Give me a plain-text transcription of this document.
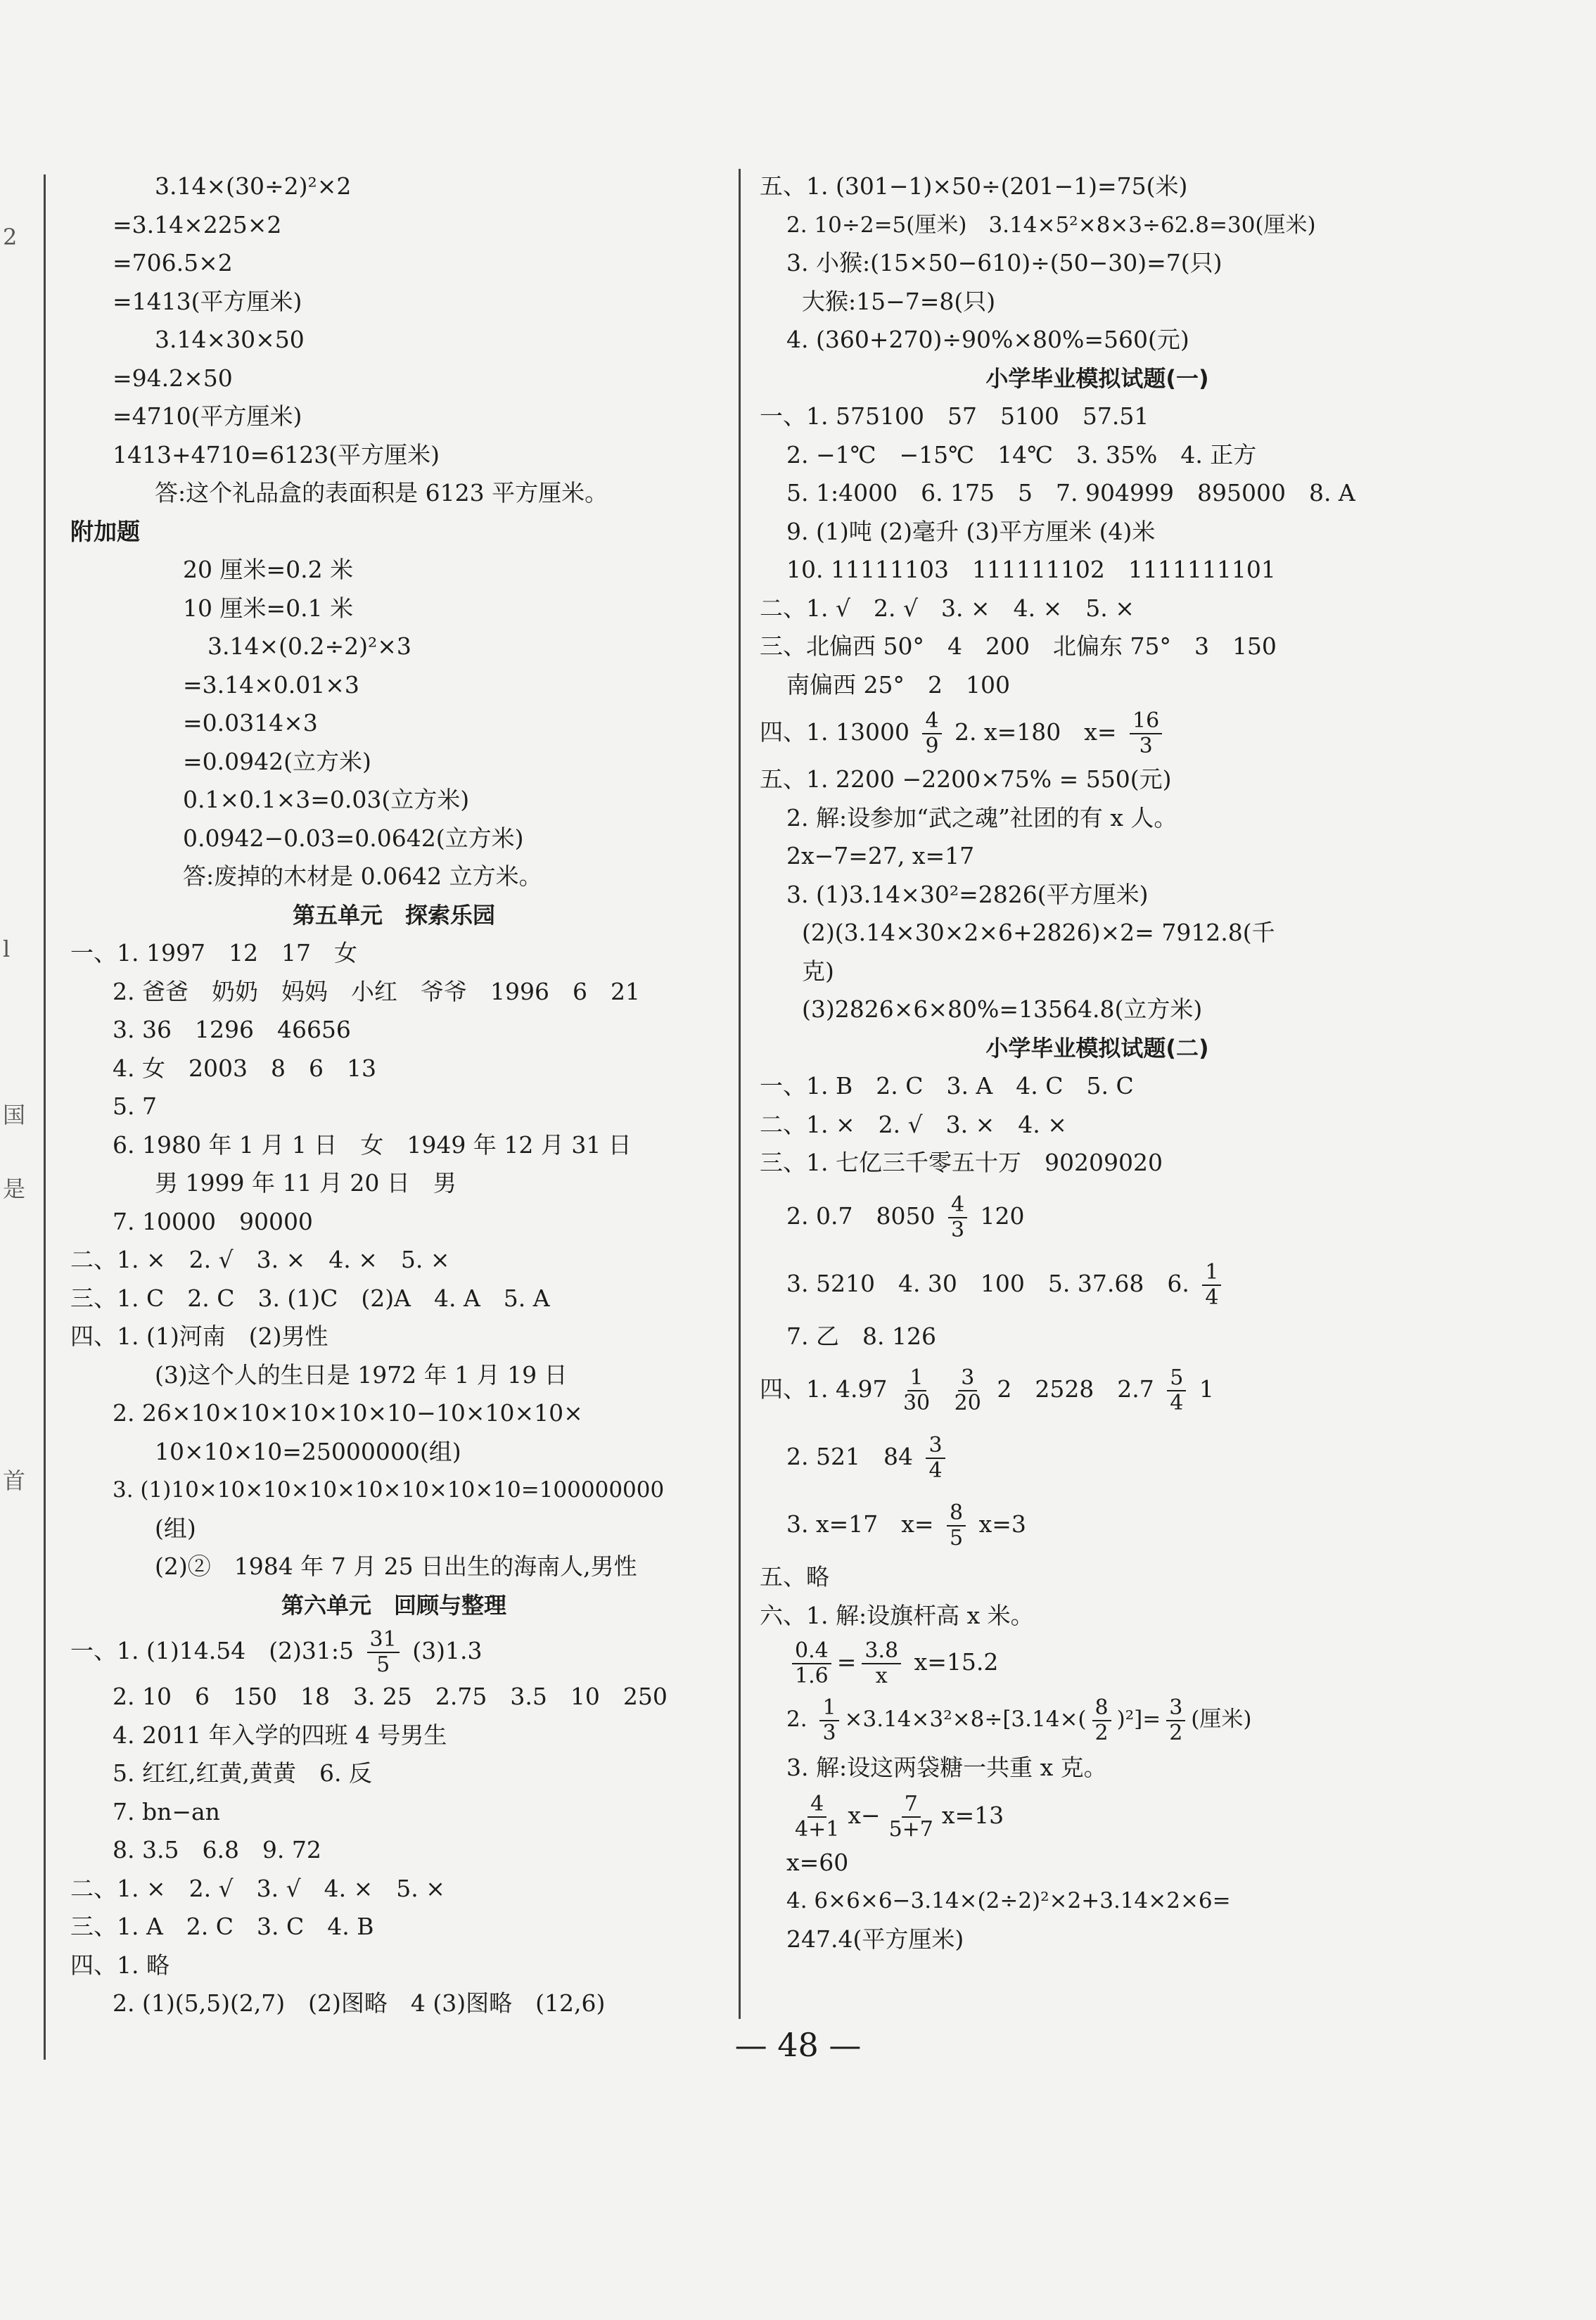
2
l
国
是
首
3.14×(30÷2)²×2
=3.14×225×2
=706.5×2
=1413(平方厘米)
3.14×30×50
=94.2×50
=4710(平方厘米)
1413+4710=6123(平方厘米)
答:这个礼品盒的表面积是 6123 平方厘米。
附加题
20 厘米=0.2 米
10 厘米=0.1 米
3.14×(0.2÷2)²×3
=3.14×0.01×3
=0.0314×3
=0.0942(立方米)
0.1×0.1×3=0.03(立方米)
0.0942−0.03=0.0642(立方米)
答:废掉的木材是 0.0642 立方米。
第五单元　探索乐园
一、1. 1997　12　17　女
2. 爸爸　奶奶　妈妈　小红　爷爷　1996　6　21
3. 36　1296　46656
4. 女　2003　8　6　13
5. 7
6. 1980 年 1 月 1 日　女　1949 年 12 月 31 日
男 1999 年 11 月 20 日　男
7. 10000　90000
二、1. ×　2. √　3. ×　4. ×　5. ×
三、1. C　2. C　3. (1)C　(2)A　4. A　5. A
四、1. (1)河南　(2)男性
(3)这个人的生日是 1972 年 1 月 19 日
2. 26×10×10×10×10×10−10×10×10×
10×10×10=25000000(组)
3. (1)10×10×10×10×10×10×10×10=100000000
(组)
(2)②　1984 年 7 月 25 日出生的海南人,男性
第六单元　回顾与整理
一、1. (1)14.54　(2)31:5 $\frac{31}{5} (3)1.3$
2. 10　6　150　18　3. 25　2.75　3.5　10　250
4. 2011 年入学的四班 4 号男生
5. 红红,红黄,黄黄　6. 反
7. bn−an
8. 3.5　6.8　9. 72
二、1. ×　2. √　3. √　4. ×　5. ×
三、1. A　2. C　3. C　4. B
四、1. 略
2. (1)(5,5)(2,7)　(2)图略　4 (3)图略　(12,6)
五、1. (301−1)×50÷(201−1)=75(米)
2. 10÷2=5(厘米)　3.14×5²×8×3÷62.8=30(厘米)
3. 小猴:(15×50−610)÷(50−30)=7(只)
大猴:15−7=8(只)
4. (360+270)÷90%×80%=560(元)
小学毕业模拟试题(一)
一、1. 575100　57　5100　57.51
2. −1℃　−15℃　14℃　3. 35%　4. 正方
5. 1:4000　6. 175　5　7. 904999　895000　8. A
9. (1)吨 (2)毫升 (3)平方厘米 (4)米
10. 11111103　111111102　1111111101
二、1. √　2. √　3. ×　4. ×　5. ×
三、北偏西 50°　4　200　北偏东 75°　3　150
南偏西 25°　2　100
四、1. $13000 \frac{4}{9} 2$. x=180　$x= \frac{16}{3}$
五、1. 2200 −2200×75% = 550(元)
2. 解:设参加“武之魂”社团的有 x 人。
2x−7=27, x=17
3. (1)3.14×30²=2826(平方厘米)
(2)(3.14×30×2×6+2826)×2= 7912.8(千
克)
(3)2826×6×80%=13564.8(立方米)
小学毕业模拟试题(二)
一、1. B　2. C　3. A　4. C　5. C
二、1. ×　2. √　3. ×　4. ×
三、1. 七亿三千零五十万　90209020
2. 0.7　$8050 \frac{4}{3} 120$
3. 5210　4. 30　100　5. 37.68　6. $\frac{1}{4}$
7. 乙　8. 126
四、1. $4.97 \frac{1}{30}$
$\frac{3}{20} 2$　2528　$2.7 \frac{5}{4} 1$
2. 521　$84 \frac{3}{4}$
3. x=17　$x= \frac{8}{5} x=3$
五、略
六、1. 解:设旗杆高 x 米。
$\frac{0.4}{1.6} = \frac{3.8}{x} x=15.2$
2. $\frac{1}{3} \times 3.14\times 3^2\times 8\div[3.14\times( \frac{8}{2} )^2]= \frac{3}{2}$ (厘米)
3. 解:设这两袋糖一共重 x 克。
$\frac{4}{4+1} x- \frac{7}{5+7} x=13$
x=60
4. 6×6×6−3.14×(2÷2)²×2+3.14×2×6=
247.4(平方厘米)
— 48 —
